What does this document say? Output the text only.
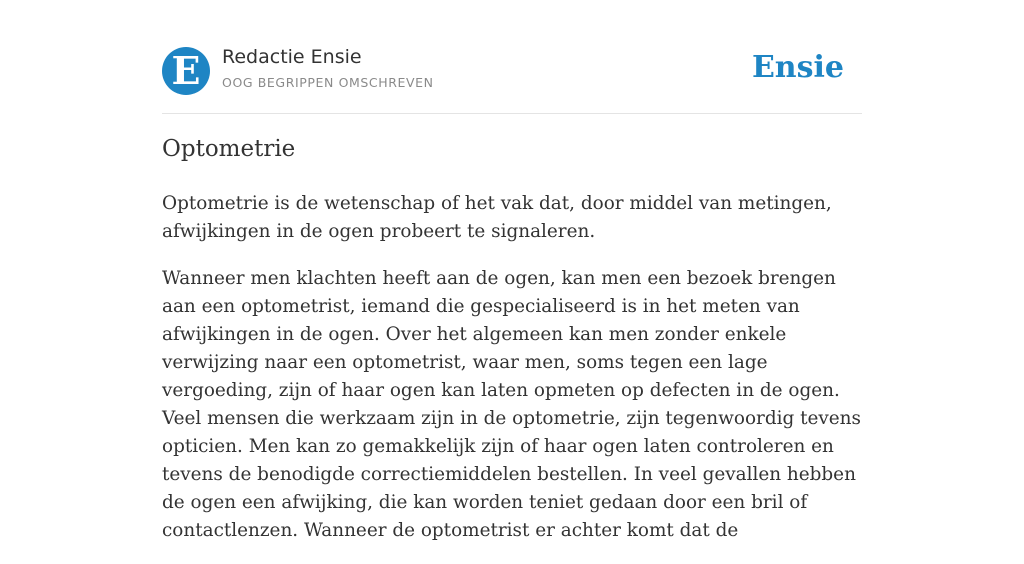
E	Redactie Ensie
OOG BEGRIPPEN OMSCHREVEN	Ensie
Optometrie

Optometrie is de wetenschap of het vak dat, door middel van metingen, afwijkingen in de ogen probeert te signaleren.

Wanneer men klachten heeft aan de ogen, kan men een bezoek brengen aan een optometrist, iemand die gespecialiseerd is in het meten van afwijkingen in de ogen. Over het algemeen kan men zonder enkele verwijzing naar een optometrist, waar men, soms tegen een lage vergoeding, zijn of haar ogen kan laten opmeten op defecten in de ogen. Veel mensen die werkzaam zijn in de optometrie, zijn tegenwoordig tevens opticien. Men kan zo gemakkelijk zijn of haar ogen laten controleren en tevens de benodigde correctiemiddelen bestellen. In veel gevallen hebben de ogen een afwijking, die kan worden teniet gedaan door een bril of contactlenzen. Wanneer de optometrist er achter komt dat de
